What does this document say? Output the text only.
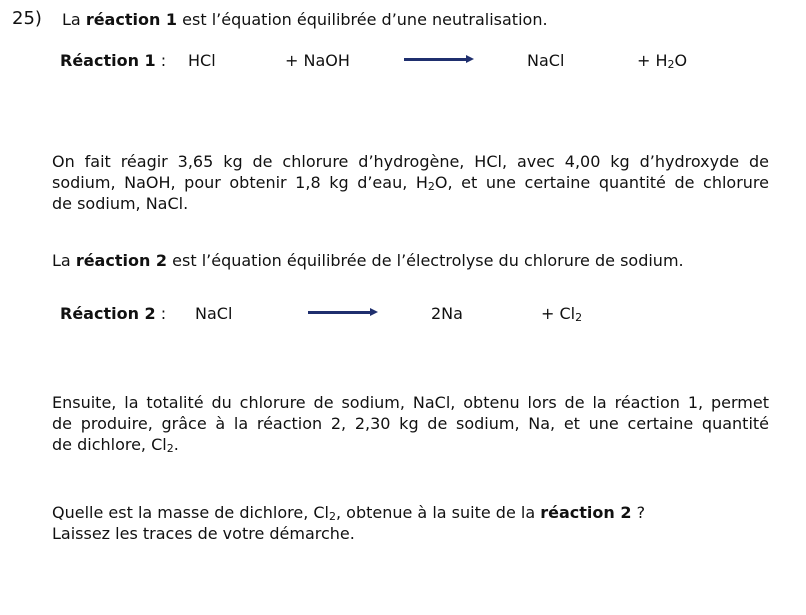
25) La réaction 1 est l’équation équilibrée d’une neutralisation.
Réaction 1 : HCl	+ NaOH	NaCl	+ $H_2O$
On fait réagir 3,65 kg de chlorure d’hydrogène, HCl, avec 4,00 kg d’hydroxyde de
sodium, NaOH, pour obtenir 1,8 kg d’eau, $H_2O$, et une certaine quantité de chlorure
de sodium, NaCl.
La réaction 2 est l’équation équilibrée de l’électrolyse du chlorure de sodium.
Réaction 2 : NaCl	2Na	+ $Cl_2$
Ensuite, la totalité du chlorure de sodium, NaCl, obtenu lors de la réaction 1, permet
de produire, grâce à la réaction 2, 2,30 kg de sodium, Na, et une certaine quantité
de dichlore, $Cl_2$.
Quelle est la masse de dichlore, $Cl_2$, obtenue à la suite de la réaction 2 ?
Laissez les traces de votre démarche.
